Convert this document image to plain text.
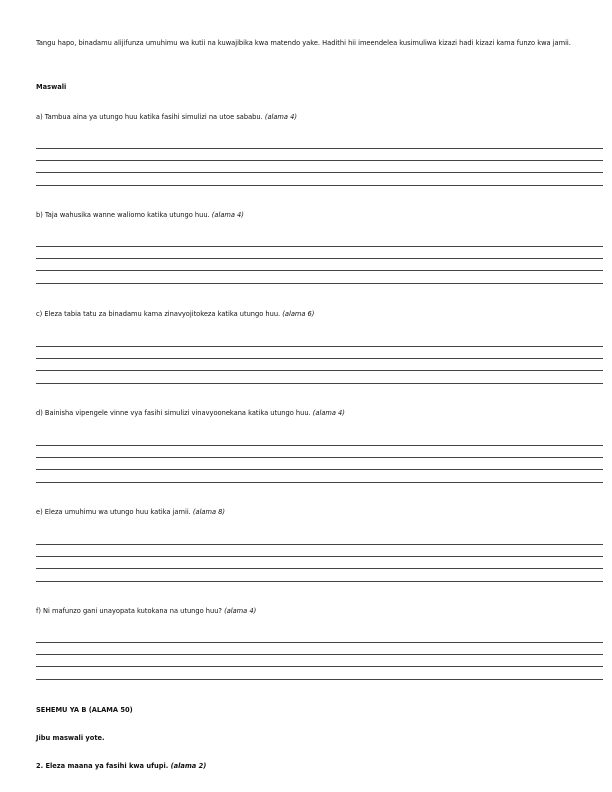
Tangu hapo, binadamu alijifunza umuhimu wa kutii na kuwajibika kwa matendo yake. Hadithi hii imeendelea kusimuliwa kizazi hadi kizazi kama funzo kwa jamii.
Maswali
a) Tambua aina ya utungo huu katika fasihi simulizi na utoe sababu. (alama 4)
b) Taja wahusika wanne waliomo katika utungo huu. (alama 4)
c) Eleza tabia tatu za binadamu kama zinavyojitokeza katika utungo huu. (alama 6)
d) Bainisha vipengele vinne vya fasihi simulizi vinavyoonekana katika utungo huu. (alama 4)
e) Eleza umuhimu wa utungo huu katika jamii. (alama 8)
f) Ni mafunzo gani unayopata kutokana na utungo huu? (alama 4)
SEHEMU YA B (ALAMA 50)
Jibu maswali yote.
2. Eleza maana ya fasihi kwa ufupi. (alama 2)
